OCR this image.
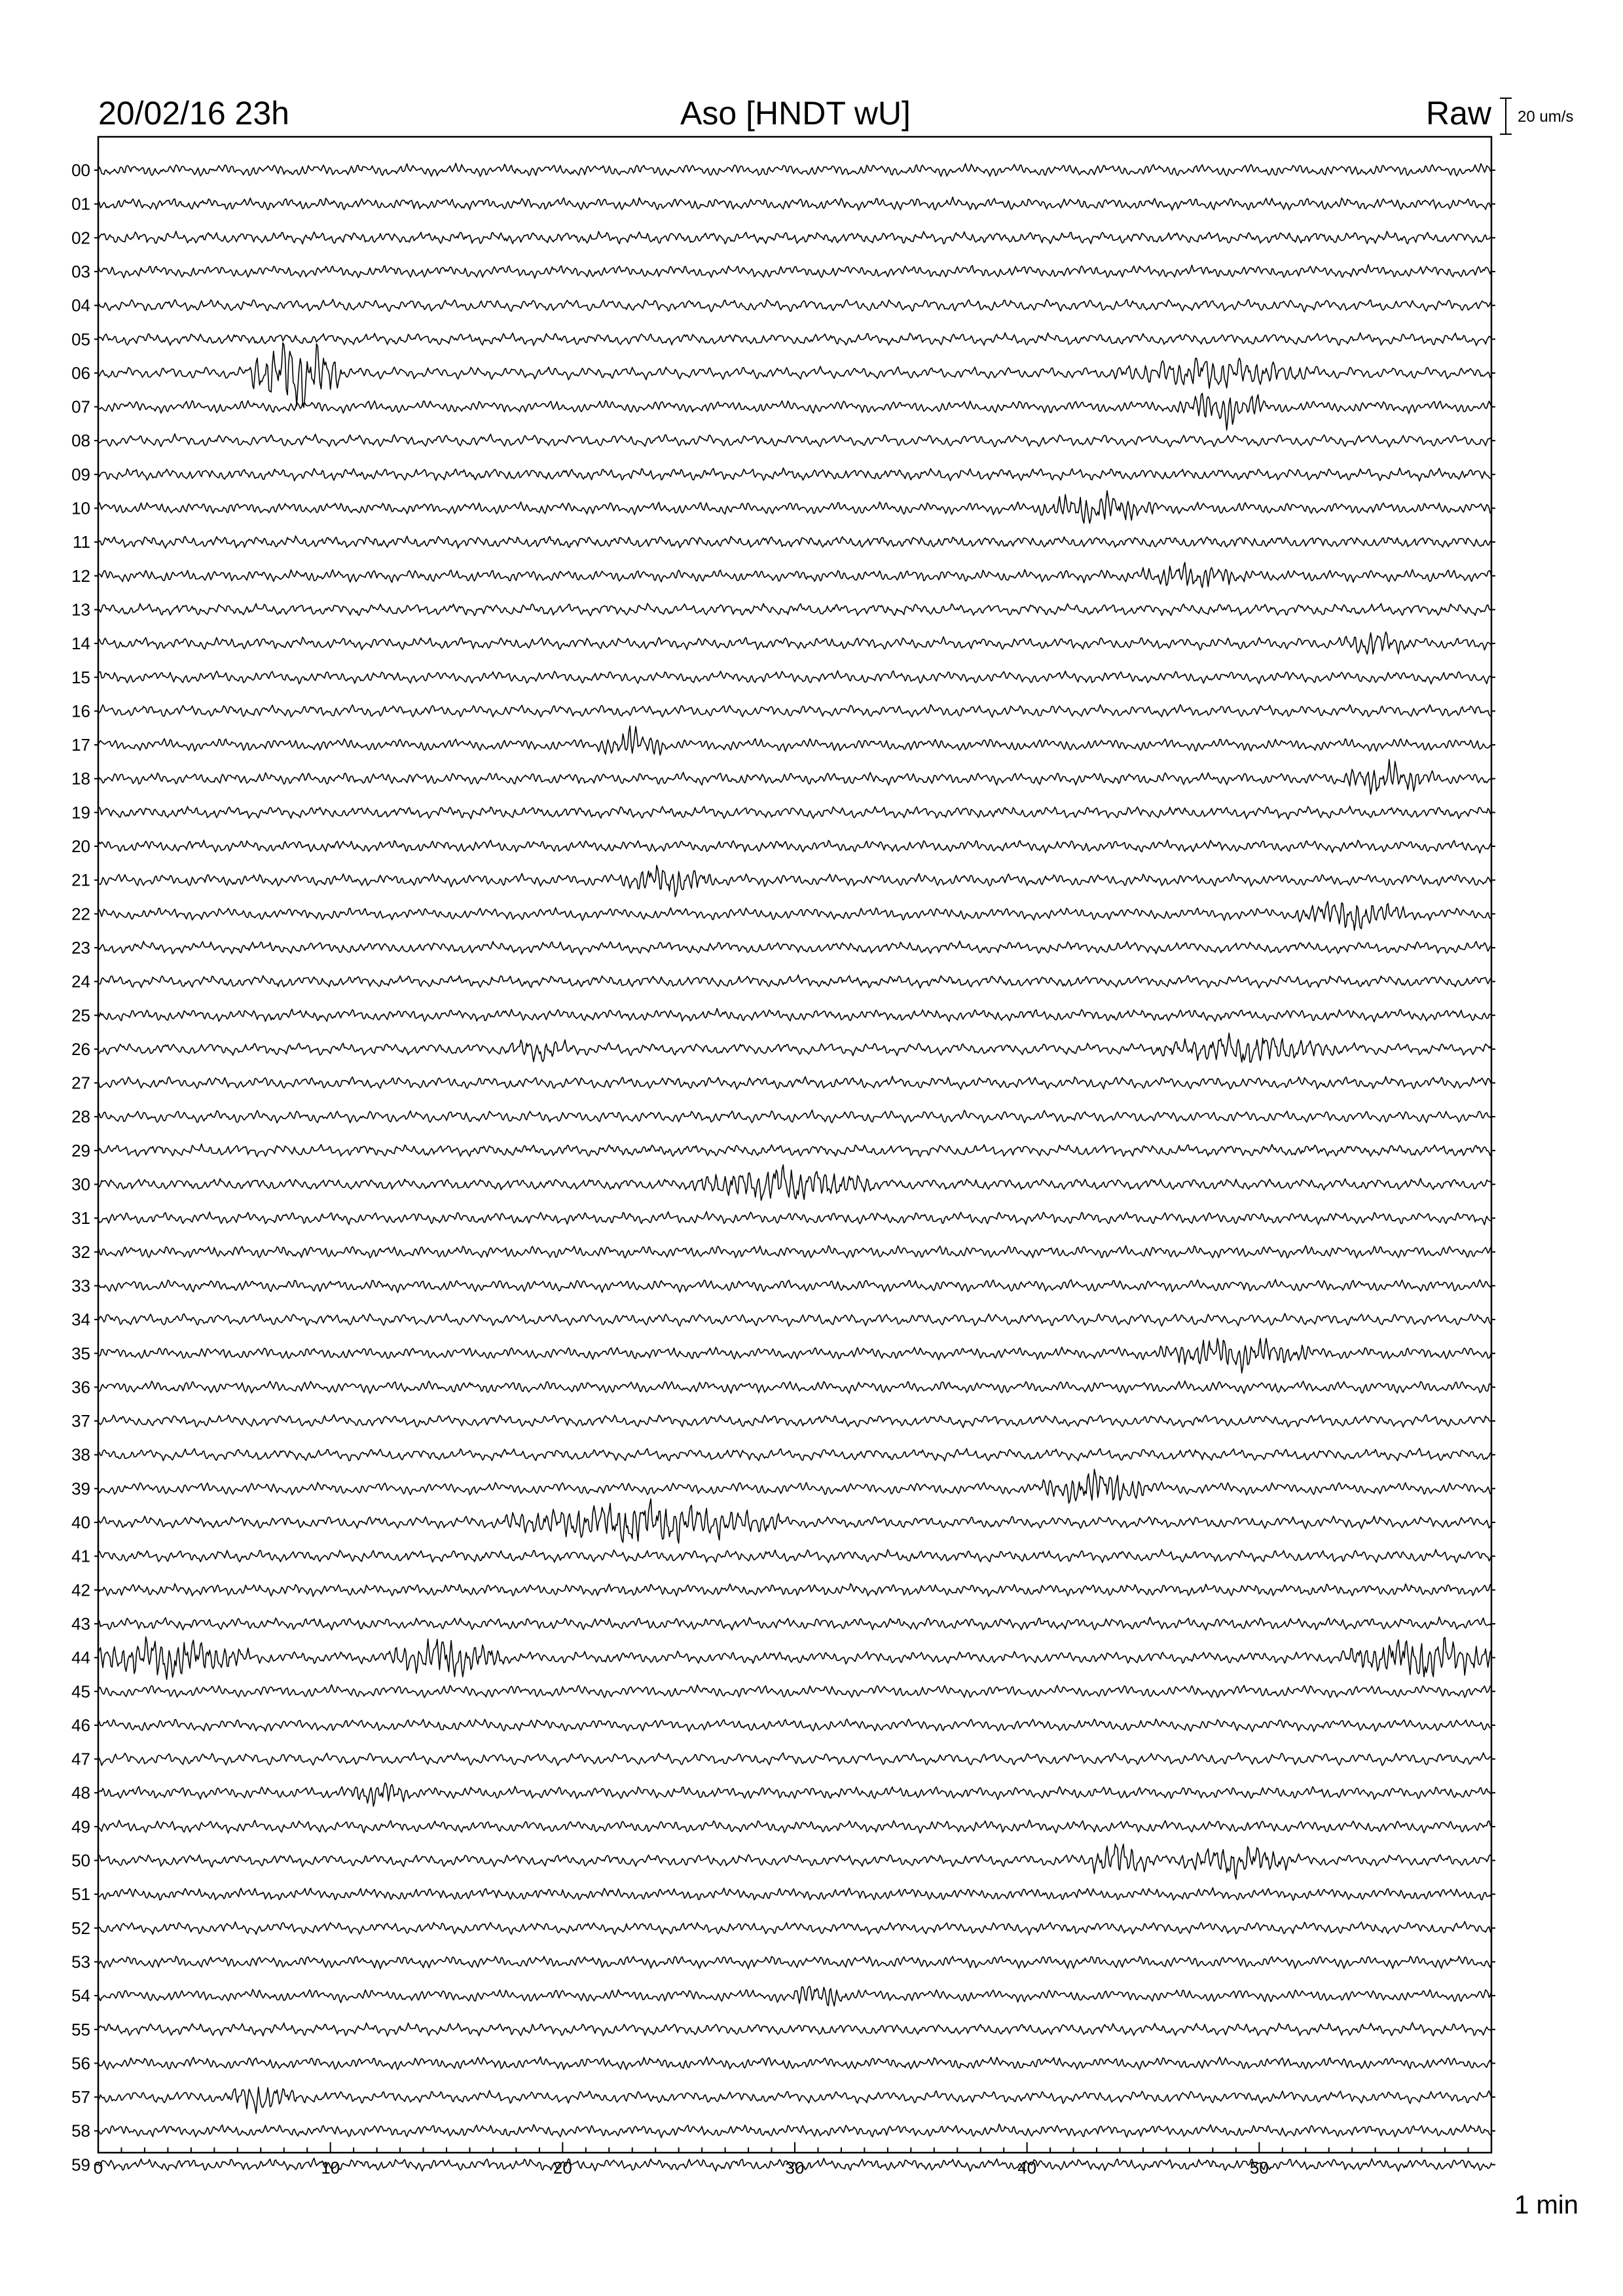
20/02/16 23h	Aso [HNDT wU]	Raw 20 um/s
00
01
02
03
04
05
06
07
08
09
10
11
12
13
14
15
16
17
18
19
20
21
22
23
24
25
26
27
28
29
30
31
32
33
34
35
36
37
38
39
40
41
42
43
44
45
46
47
48
49
50
51
52
53
54
55
56
57
58
59 0	10	20	30	40	50
1 min
